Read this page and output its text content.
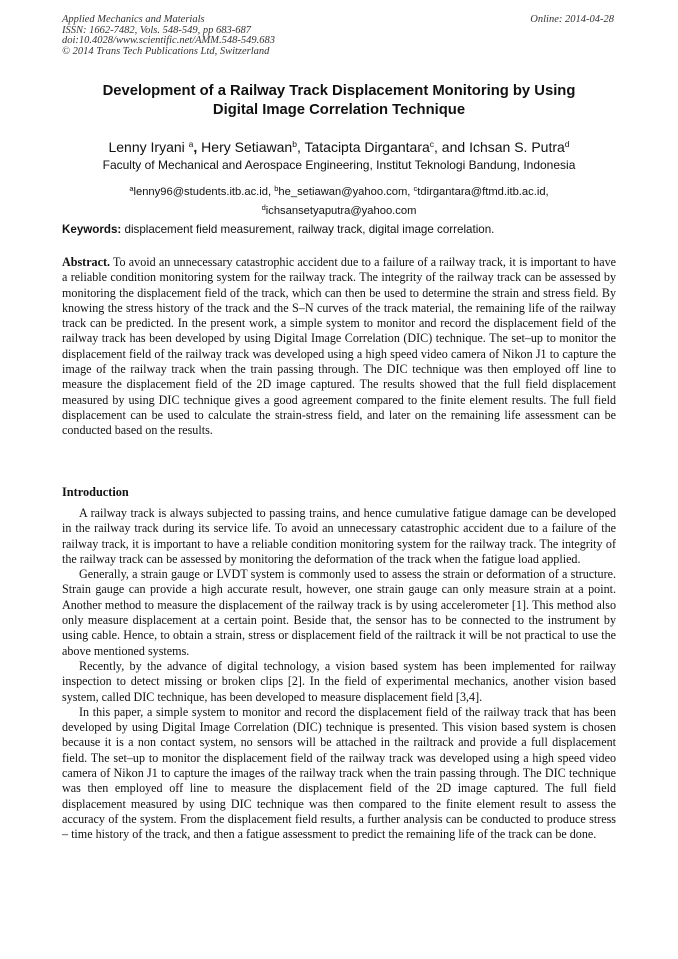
Applied Mechanics and Materials
ISSN: 1662-7482, Vols. 548-549, pp 683-687
doi:10.4028/www.scientific.net/AMM.548-549.683
© 2014 Trans Tech Publications Ltd, Switzerland
Online: 2014-04-28
Development of a Railway Track Displacement Monitoring by Using
Digital Image Correlation Technique
Lenny Iryani $^a$, Hery Setiawan$^b$, Tatacipta Dirgantara$^c$, and Ichsan S. Putra$^d$
Faculty of Mechanical and Aerospace Engineering, Institut Teknologi Bandung, Indonesia
$^a$lenny96@students.itb.ac.id, $^b$he_setiawan@yahoo.com, $^c$tdirgantara@ftmd.itb.ac.id,
$^d$ichsansetyaputra@yahoo.com
Keywords: displacement field measurement, railway track, digital image correlation.
Abstract. To avoid an unnecessary catastrophic accident due to a failure of a railway track, it is important to have a reliable condition monitoring system for the railway track. The integrity of the railway track can be assessed by monitoring the displacement field of the track, which can then be used to determine the strain and stress field. By knowing the stress history of the track and the S–N curves of the track material, the remaining life of the railway track can be predicted. In the present work, a simple system to monitor and record the displacement field of the railway track has been developed by using Digital Image Correlation (DIC) technique. The set–up to monitor the displacement field of the railway track was developed using a high speed video camera of Nikon J1 to capture the image of the railway track when the train passing through. The DIC technique was then employed off line to measure the displacement field of the 2D image captured. The results showed that the full field displacement measured by using DIC technique gives a good agreement compared to the finite element results. The full field displacement can be used to calculate the strain-stress field, and later on the remaining life assessment can be conducted based on the results.
Introduction

A railway track is always subjected to passing trains, and hence cumulative fatigue damage can be developed in the railway track during its service life. To avoid an unnecessary catastrophic accident due to a failure of the railway track, it is important to have a reliable condition monitoring system for the railway track. The integrity of the railway track can be assessed by monitoring the deformation of the track when the fatigue load applied.

Generally, a strain gauge or LVDT system is commonly used to assess the strain or deformation of a structure. Strain gauge can provide a high accurate result, however, one strain gauge can only measure strain at a point. Another method to measure the displacement of the railway track is by using accelerometer [1]. This method also only measure displacement at a certain point. Beside that, the sensor has to be connected to the instrument by using cable. Hence, to obtain a strain, stress or displacement field of the railtrack it will be not practical to use the above mentioned systems.

Recently, by the advance of digital technology, a vision based system has been implemented for railway inspection to detect missing or broken clips [2]. In the field of experimental mechanics, another vision based system, called DIC technique, has been developed to measure displacement field [3,4].

In this paper, a simple system to monitor and record the displacement field of the railway track that has been developed by using Digital Image Correlation (DIC) technique is presented. This vision based system is chosen because it is a non contact system, no sensors will be attached in the railtrack and provide a full displacement field. The set–up to monitor the displacement field of the railway track was developed using a high speed video camera of Nikon J1 to capture the images of the railway track when the train passing through. The DIC technique was then employed off line to measure the displacement field of the 2D image captured. The full field displacement measured by using DIC technique was then compared to the finite element result to assess the accuracy of the system. From the displacement field results, a further analysis can be conducted to produce stress – time history of the track, and then a fatigue assessment to predict the remaining life of the track can be done.
